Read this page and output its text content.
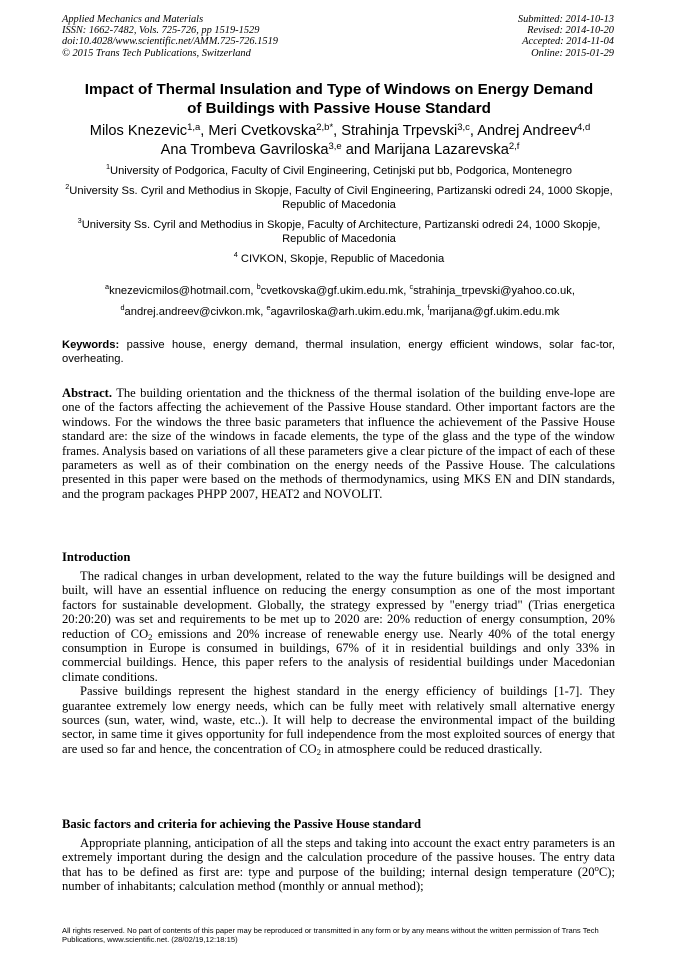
Applied Mechanics and Materials
ISSN: 1662-7482, Vols. 725-726, pp 1519-1529
doi:10.4028/www.scientific.net/AMM.725-726.1519
© 2015 Trans Tech Publications, Switzerland
Submitted: 2014-10-13
Revised: 2014-10-20
Accepted: 2014-11-04
Online: 2015-01-29
Impact of Thermal Insulation and Type of Windows on Energy Demand
of Buildings with Passive House Standard
Milos Knezevic$^{1,a}$, Meri Cvetkovska$^{2,b*}$, Strahinja Trpevski$^{3,c}$, Andrej Andreev$^{4,d}$
Ana Trombeva Gavriloska$^{3,e}$ and Marijana Lazarevska$^{2,f}$
$^1$University of Podgorica, Faculty of Civil Engineering, Cetinjski put bb, Podgorica, Montenegro
$^2$University Ss. Cyril and Methodius in Skopje, Faculty of Civil Engineering, Partizanski odredi 24, 1000 Skopje, Republic of Macedonia
$^3$University Ss. Cyril and Methodius in Skopje, Faculty of Architecture, Partizanski odredi 24, 1000 Skopje, Republic of Macedonia
$^4$ CIVKON, Skopje, Republic of Macedonia
$^a$knezevicmilos@hotmail.com, $^b$cvetkovska@gf.ukim.edu.mk, $^c$strahinja_trpevski@yahoo.co.uk,
$^d$andrej.andreev@civkon.mk, $^e$agavriloska@arh.ukim.edu.mk, $^f$marijana@gf.ukim.edu.mk
Keywords: passive house, energy demand, thermal insulation, energy efficient windows, solar fac-tor, overheating.
Abstract. The building orientation and the thickness of the thermal isolation of the building enve-lope are one of the factors affecting the achievement of the Passive House standard. Other important factors are the windows. For the windows the three basic parameters that influence the achievement of the Passive House standard are: the size of the windows in facade elements, the type of the glass and the type of the window frames. Analysis based on variations of all these parameters give a clear picture of the impact of each of these parameters as well as of their combination on the energy needs of the Passive House. The calculations presented in this paper were based on the methods of thermodynamics, using MKS EN and DIN standards, and the program packages PHPP 2007, HEAT2 and NOVOLIT.
Introduction

The radical changes in urban development, related to the way the future buildings will be designed and built, will have an essential influence on reducing the energy consumption as one of the most important factors for sustainable development. Globally, the strategy expressed by "energy triad" (Trias energetica 20:20:20) was set and requirements to be met up to 2020 are: 20% reduction of energy consumption, 20% reduction of $CO_2$ emissions and 20% increase of renewable energy use. Nearly 40% of the total energy consumption in Europe is consumed in buildings, 67% of it in residential buildings and only 33% in commercial buildings. Hence, this paper refers to the analysis of residential buildings under Macedonian climate conditions.

Passive buildings represent the highest standard in the energy efficiency of buildings [1-7]. They guarantee extremely low energy needs, which can be fully meet with relatively small alternative energy sources (sun, water, wind, waste, etc..). It will help to decrease the environmental impact of the building sector, in same time it gives opportunity for full independence from the most exploited sources of energy that are used so far and hence, the concentration of $CO_2$ in atmosphere could be reduced drastically.

Basic factors and criteria for achieving the Passive House standard

Appropriate planning, anticipation of all the steps and taking into account the exact entry parameters is an extremely important during the design and the calculation procedure of the passive houses. The entry data that has to be defined as first are: type and purpose of the building; internal design temperature (20$^o$C); number of inhabitants; calculation method (monthly or annual method);

All rights reserved. No part of contents of this paper may be reproduced or transmitted in any form or by any means without the written permission of Trans Tech Publications, www.scientific.net. (28/02/19,12:18:15)
